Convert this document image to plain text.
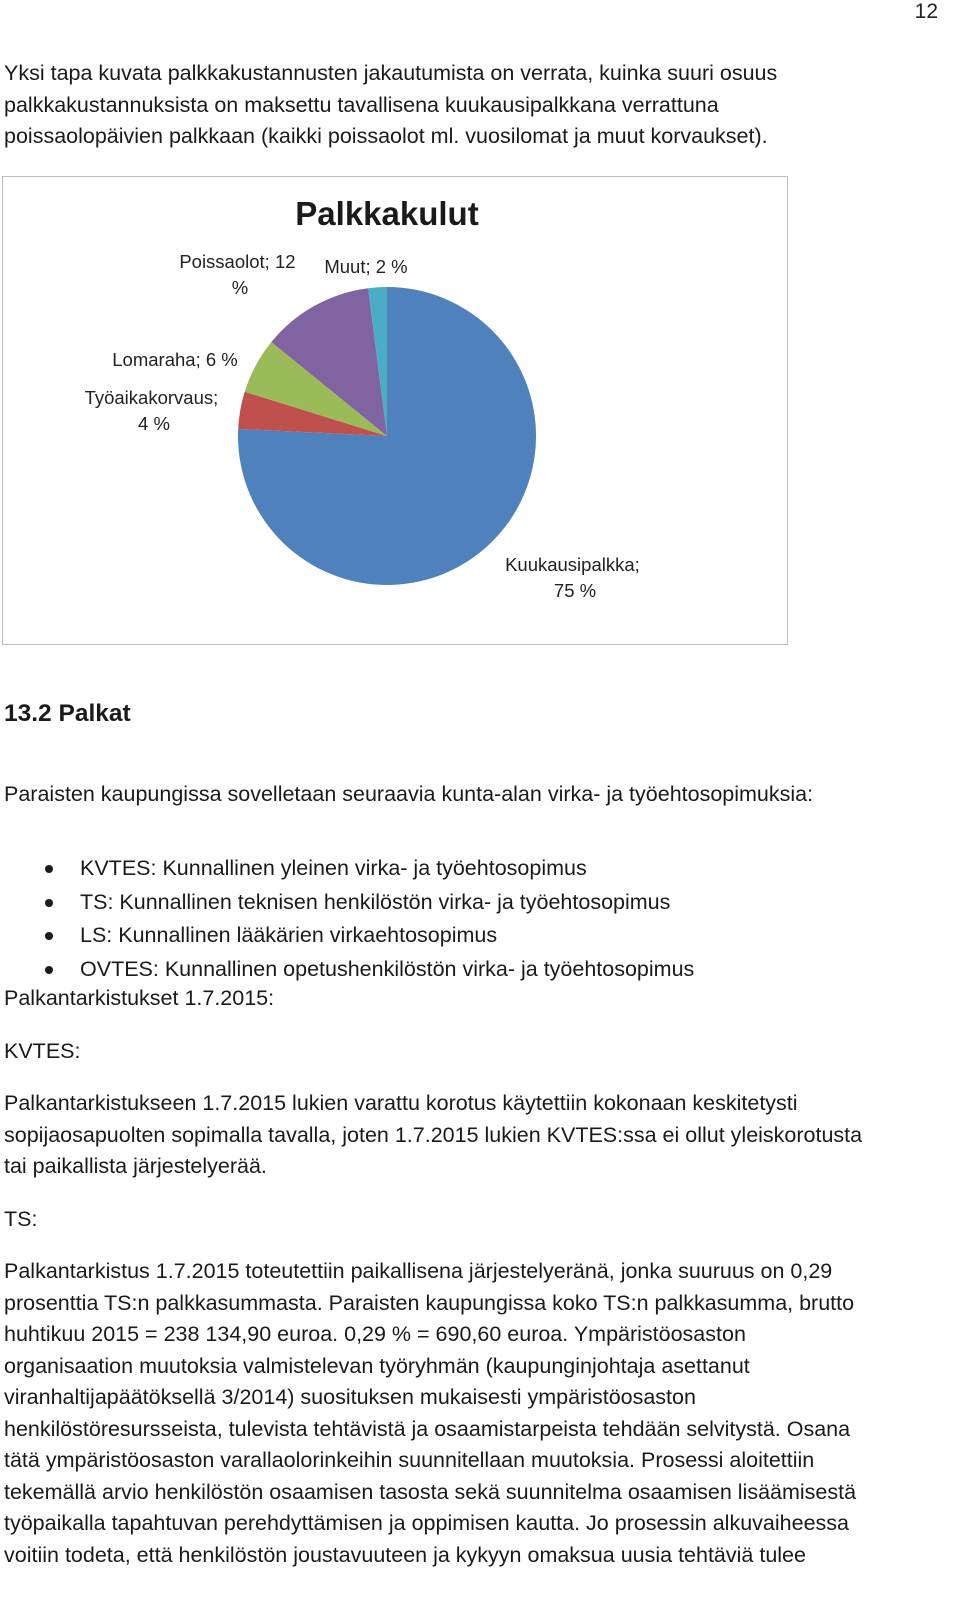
12

Yksi tapa kuvata palkkakustannusten jakautumista on verrata, kuinka suuri osuus
palkkakustannuksista on maksettu tavallisena kuukausipalkkana verrattuna
poissaolopäivien palkkaan (kaikki poissaolot ml. vuosilomat ja muut korvaukset).

Palkkakulut
Kuukausipalkka; 75 %
Työaikakorvaus; 4 %
Lomaraha; 6 %
Poissaolot; 12 %
Muut; 2 %
13.2 Palkat

Paraisten kaupungissa sovelletaan seuraavia kunta-alan virka- ja työehtosopimuksia:

KVTES: Kunnallinen yleinen virka- ja työehtosopimus
TS: Kunnallinen teknisen henkilöstön virka- ja työehtosopimus
LS: Kunnallinen lääkärien virkaehtosopimus
OVTES: Kunnallinen opetushenkilöstön virka- ja työehtosopimus

Palkantarkistukset 1.7.2015:

KVTES:

Palkantarkistukseen 1.7.2015 lukien varattu korotus käytettiin kokonaan keskitetysti
sopijaosapuolten sopimalla tavalla, joten 1.7.2015 lukien KVTES:ssa ei ollut yleiskorotusta
tai paikallista järjestelyerää.

TS:

Palkantarkistus 1.7.2015 toteutettiin paikallisena järjestelyeränä, jonka suuruus on 0,29
prosenttia TS:n palkkasummasta. Paraisten kaupungissa koko TS:n palkkasumma, brutto
huhtikuu 2015 = 238 134,90 euroa. 0,29 % = 690,60 euroa. Ympäristöosaston
organisaation muutoksia valmistelevan työryhmän (kaupunginjohtaja asettanut
viranhaltijapäätöksellä 3/2014) suosituksen mukaisesti ympäristöosaston
henkilöstöresursseista, tulevista tehtävistä ja osaamistarpeista tehdään selvitystä. Osana
tätä ympäristöosaston varallaolorinkeihin suunnitellaan muutoksia. Prosessi aloitettiin
tekemällä arvio henkilöstön osaamisen tasosta sekä suunnitelma osaamisen lisäämisestä
työpaikalla tapahtuvan perehdyttämisen ja oppimisen kautta. Jo prosessin alkuvaiheessa
voitiin todeta, että henkilöstön joustavuuteen ja kykyyn omaksua uusia tehtäviä tulee
